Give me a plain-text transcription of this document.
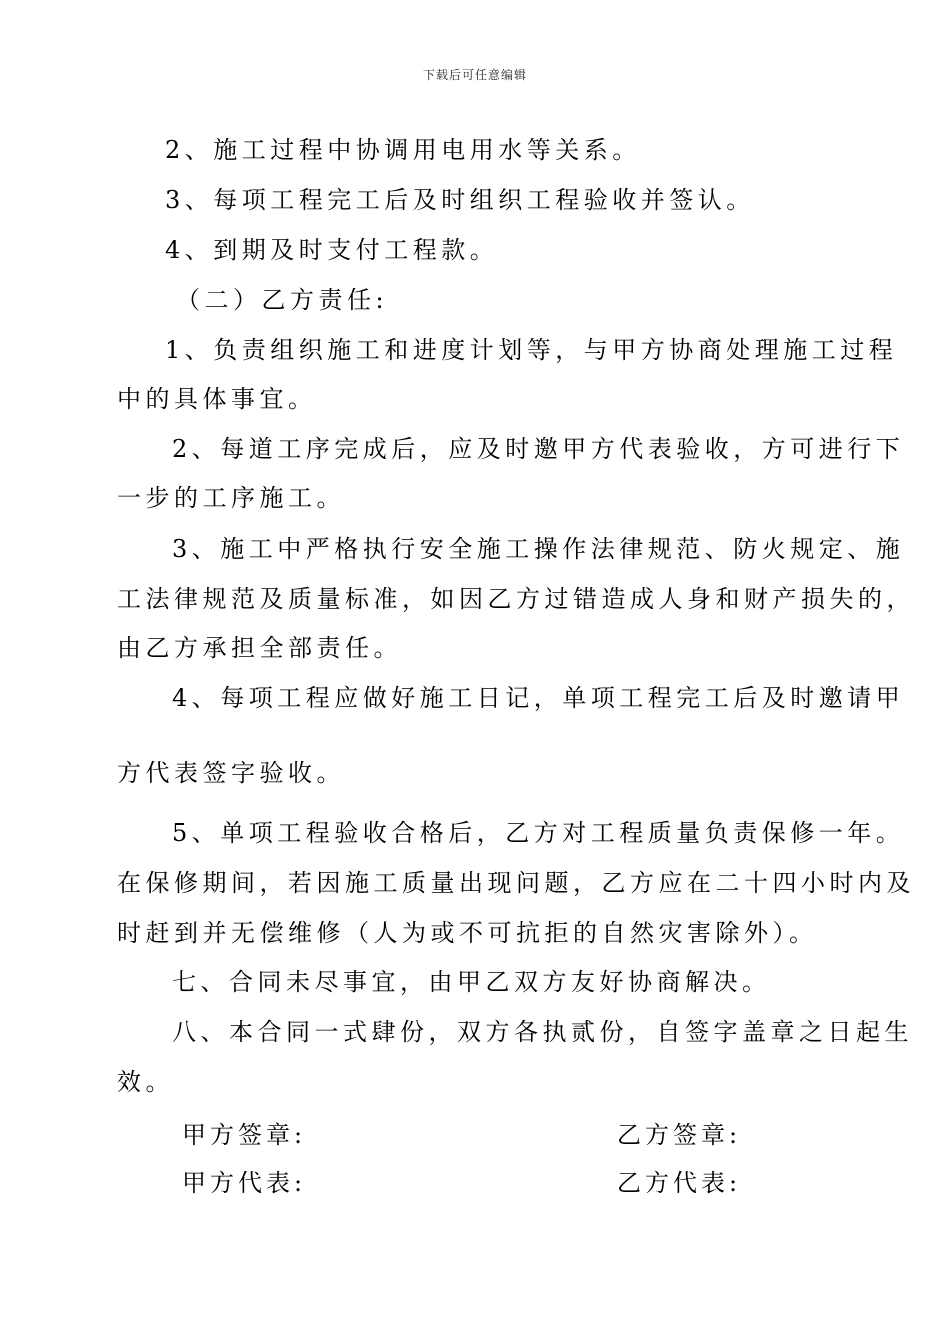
下载后可任意编辑
2、施工过程中协调用电用水等关系。
3、每项工程完工后及时组织工程验收并签认。
4、到期及时支付工程款。
（二）乙方责任:
1、负责组织施工和进度计划等，与甲方协商处理施工过程
中的具体事宜。
2、每道工序完成后，应及时邀甲方代表验收，方可进行下
一步的工序施工。
3、施工中严格执行安全施工操作法律规范、防火规定、施
工法律规范及质量标准，如因乙方过错造成人身和财产损失的，
由乙方承担全部责任。
4、每项工程应做好施工日记，单项工程完工后及时邀请甲
方代表签字验收。
5、单项工程验收合格后，乙方对工程质量负责保修一年。
在保修期间，若因施工质量出现问题，乙方应在二十四小时内及
时赶到并无偿维修（人为或不可抗拒的自然灾害除外）。
七、合同未尽事宜，由甲乙双方友好协商解决。
八、本合同一式肆份，双方各执贰份，自签字盖章之日起生
效。
甲方签章:	乙方签章:
甲方代表:	乙方代表:
